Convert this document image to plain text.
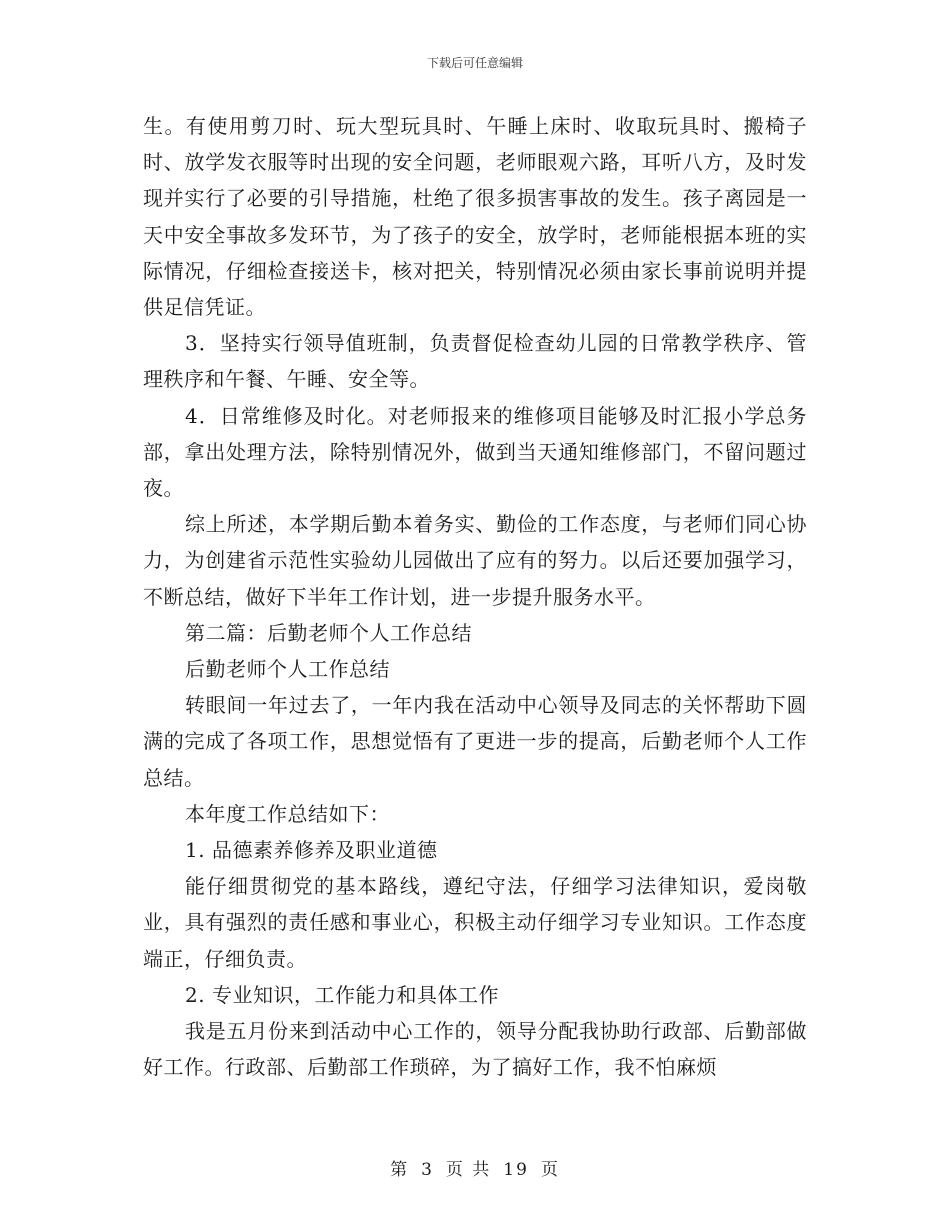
下载后可任意编辑

生。有使用剪刀时、玩大型玩具时、午睡上床时、收取玩具时、搬椅子时、放学发衣服等时出现的安全问题，老师眼观六路，耳听八方，及时发现并实行了必要的引导措施，杜绝了很多损害事故的发生。孩子离园是一天中安全事故多发环节，为了孩子的安全，放学时，老师能根据本班的实际情况，仔细检查接送卡，核对把关，特别情况必须由家长事前说明并提供足信凭证。

3．坚持实行领导值班制，负责督促检查幼儿园的日常教学秩序、管理秩序和午餐、午睡、安全等。

4．日常维修及时化。对老师报来的维修项目能够及时汇报小学总务部，拿出处理方法，除特别情况外，做到当天通知维修部门，不留问题过夜。

综上所述，本学期后勤本着务实、勤俭的工作态度，与老师们同心协力，为创建省示范性实验幼儿园做出了应有的努力。以后还要加强学习，不断总结，做好下半年工作计划，进一步提升服务水平。

第二篇：后勤老师个人工作总结

后勤老师个人工作总结

转眼间一年过去了，一年内我在活动中心领导及同志的关怀帮助下圆满的完成了各项工作，思想觉悟有了更进一步的提高，后勤老师个人工作总结。

本年度工作总结如下：

1. 品德素养修养及职业道德

能仔细贯彻党的基本路线，遵纪守法，仔细学习法律知识，爱岗敬业，具有强烈的责任感和事业心，积极主动仔细学习专业知识。工作态度端正，仔细负责。

2. 专业知识，工作能力和具体工作

我是五月份来到活动中心工作的，领导分配我协助行政部、后勤部做好工作。行政部、后勤部工作琐碎，为了搞好工作，我不怕麻烦

第 3 页 共 19 页
